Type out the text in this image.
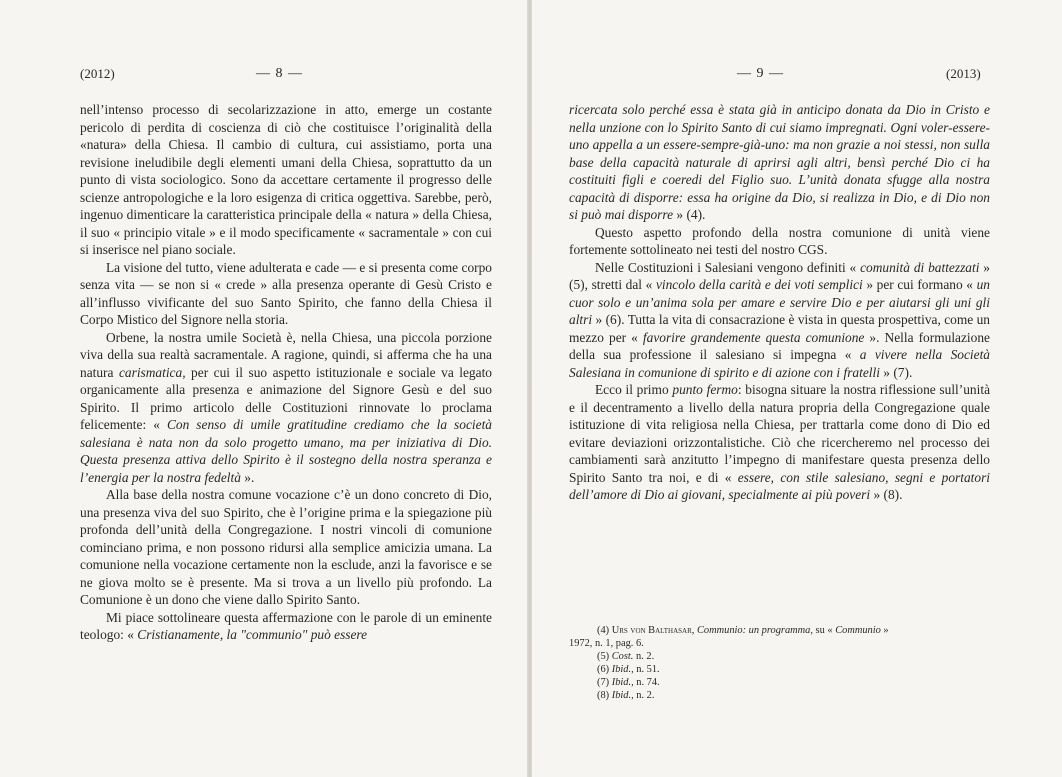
(2012)	— 8 —

nell’intenso processo di secolarizzazione in atto, emerge un costante pericolo di perdita di coscienza di ciò che costituisce l’originalità della «natura» della Chiesa. Il cambio di cultura, cui assistiamo, porta una revisione ineludibile degli elementi umani della Chiesa, soprattutto da un punto di vista sociologico. Sono da accettare certamente il progresso delle scienze antropologiche e la loro esigenza di critica oggettiva. Sarebbe, però, ingenuo dimenticare la caratteristica principale della « natura » della Chiesa, il suo « principio vitale » e il modo specificamente « sacramentale » con cui si inserisce nel piano sociale.

La visione del tutto, viene adulterata e cade — e si presenta come corpo senza vita — se non si « crede » alla presenza operante di Gesù Cristo e all’influsso vivificante del suo Santo Spirito, che fanno della Chiesa il Corpo Mistico del Signore nella storia.

Orbene, la nostra umile Società è, nella Chiesa, una piccola porzione viva della sua realtà sacramentale. A ragione, quindi, si afferma che ha una natura carismatica, per cui il suo aspetto istituzionale e sociale va legato organicamente alla presenza e animazione del Signore Gesù e del suo Spirito. Il primo articolo delle Costituzioni rinnovate lo proclama felicemente: « Con senso di umile gratitudine crediamo che la società salesiana è nata non da solo progetto umano, ma per iniziativa di Dio. Questa presenza attiva dello Spirito è il sostegno della nostra speranza e l’energia per la nostra fedeltà ».

Alla base della nostra comune vocazione c’è un dono concreto di Dio, una presenza viva del suo Spirito, che è l’origine prima e la spiegazione più profonda dell’unità della Congregazione. I nostri vincoli di comunione cominciano prima, e non possono ridursi alla semplice amicizia umana. La comunione nella vocazione certamente non la esclude, anzi la favorisce e se ne giova molto se è presente. Ma si trova a un livello più profondo. La Comunione è un dono che viene dallo Spirito Santo.

Mi piace sottolineare questa affermazione con le parole di un eminente teologo: « Cristianamente, la "communio" può essere

— 9 —	(2013)

ricercata solo perché essa è stata già in anticipo donata da Dio in Cristo e nella unzione con lo Spirito Santo di cui siamo impregnati. Ogni voler-essere-uno appella a un essere-sempre-già-uno: ma non grazie a noi stessi, non sulla base della capacità naturale di aprirsi agli altri, bensì perché Dio ci ha costituiti figli e coeredi del Figlio suo. L’unità donata sfugge alla nostra capacità di disporre: essa ha origine da Dio, si realizza in Dio, e di Dio non si può mai disporre » (4).

Questo aspetto profondo della nostra comunione di unità viene fortemente sottolineato nei testi del nostro CGS.

Nelle Costituzioni i Salesiani vengono definiti « comunità di battezzati » (5), stretti dal « vincolo della carità e dei voti semplici » per cui formano « un cuor solo e un’anima sola per amare e servire Dio e per aiutarsi gli uni gli altri » (6). Tutta la vita di consacrazione è vista in questa prospettiva, come un mezzo per « favorire grandemente questa comunione ». Nella formulazione della sua professione il salesiano si impegna « a vivere nella Società Salesiana in comunione di spirito e di azione con i fratelli » (7).

Ecco il primo punto fermo: bisogna situare la nostra riflessione sull’unità e il decentramento a livello della natura propria della Congregazione quale istituzione di vita religiosa nella Chiesa, per trattarla come dono di Dio ed evitare deviazioni orizzontalistiche. Ciò che ricercheremo nel processo dei cambiamenti sarà anzitutto l’impegno di manifestare questa presenza dello Spirito Santo tra noi, e di « essere, con stile salesiano, segni e portatori dell’amore di Dio ai giovani, specialmente ai più poveri » (8).

(4) Urs von Balthasar, Communio: un programma, su « Communio »
1972, n. 1, pag. 6.

(5) Cost. n. 2.

(6) Ibid., n. 51.

(7) Ibid., n. 74.

(8) Ibid., n. 2.
